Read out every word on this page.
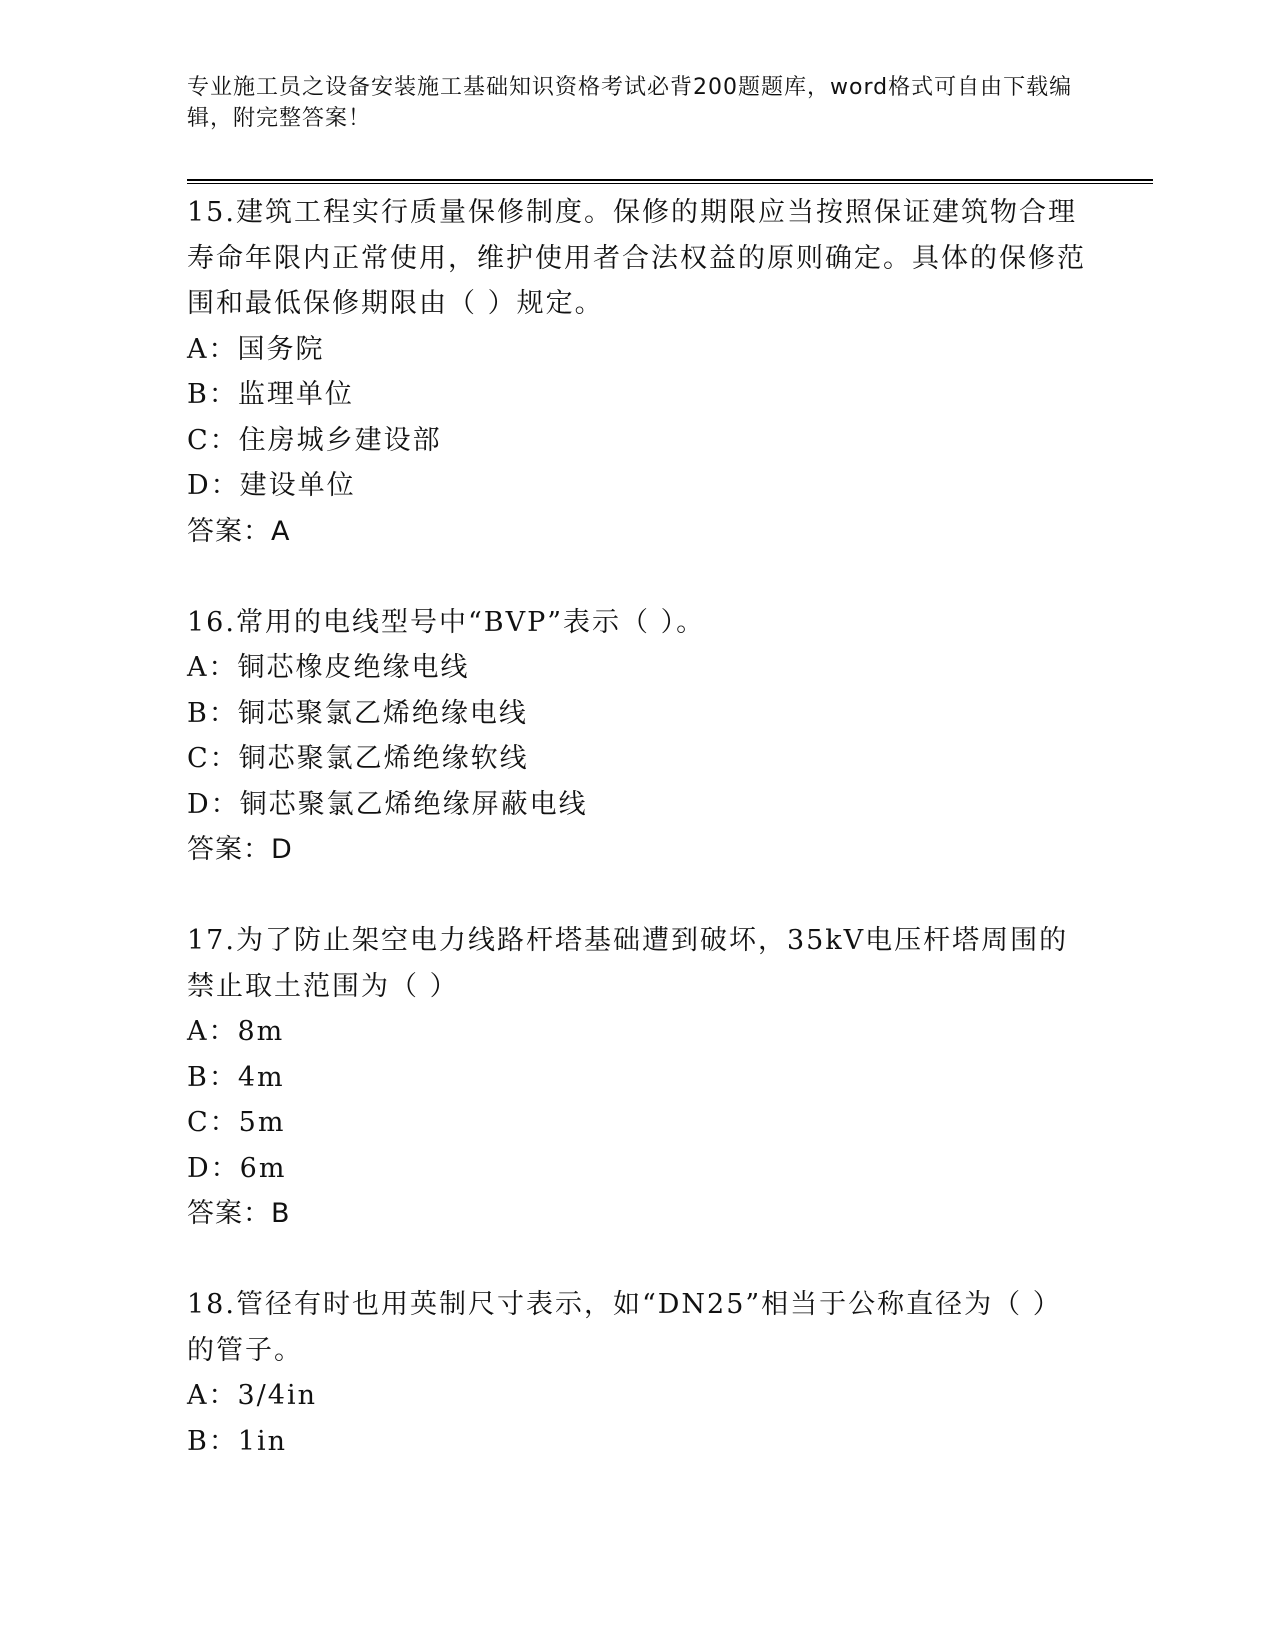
专业施工员之设备安装施工基础知识资格考试必背200题题库，word格式可自由下载编辑，附完整答案！
15.建筑工程实行质量保修制度。保修的期限应当按照保证建筑物合理寿命年限内正常使用，维护使用者合法权益的原则确定。具体的保修范围和最低保修期限由（ ）规定。
A：国务院
B：监理单位
C：住房城乡建设部
D：建设单位
答案：A
16.常用的电线型号中“BVP”表示（ ）。
A：铜芯橡皮绝缘电线
B：铜芯聚氯乙烯绝缘电线
C：铜芯聚氯乙烯绝缘软线
D：铜芯聚氯乙烯绝缘屏蔽电线
答案：D
17.为了防止架空电力线路杆塔基础遭到破坏，35kV电压杆塔周围的禁止取土范围为（ ）
A：8m
B：4m
C：5m
D：6m
答案：B
18.管径有时也用英制尺寸表示，如“DN25”相当于公称直径为（ ）的管子。
A：3/4in
B：1in
